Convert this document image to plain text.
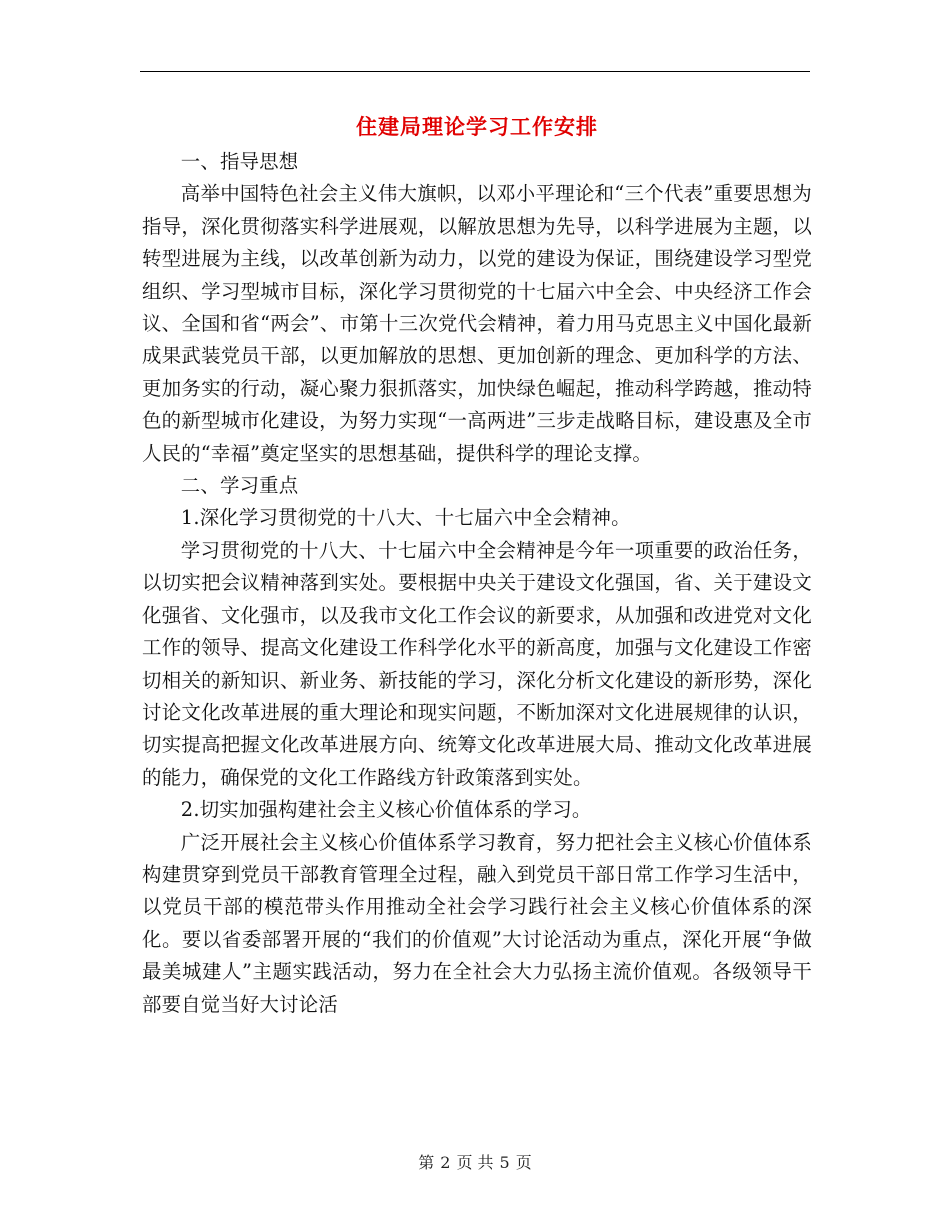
住建局理论学习工作安排

一、指导思想

高举中国特色社会主义伟大旗帜，以邓小平理论和“三个代表”重要思想为指导，深化贯彻落实科学进展观，以解放思想为先导，以科学进展为主题，以转型进展为主线，以改革创新为动力，以党的建设为保证，围绕建设学习型党组织、学习型城市目标，深化学习贯彻党的十七届六中全会、中央经济工作会议、全国和省“两会”、市第十三次党代会精神，着力用马克思主义中国化最新成果武装党员干部，以更加解放的思想、更加创新的理念、更加科学的方法、更加务实的行动，凝心聚力狠抓落实，加快绿色崛起，推动科学跨越，推动特色的新型城市化建设，为努力实现“一高两进”三步走战略目标，建设惠及全市人民的“幸福”奠定坚实的思想基础，提供科学的理论支撑。

二、学习重点

1.深化学习贯彻党的十八大、十七届六中全会精神。

学习贯彻党的十八大、十七届六中全会精神是今年一项重要的政治任务，以切实把会议精神落到实处。要根据中央关于建设文化强国，省、关于建设文化强省、文化强市，以及我市文化工作会议的新要求，从加强和改进党对文化工作的领导、提高文化建设工作科学化水平的新高度，加强与文化建设工作密切相关的新知识、新业务、新技能的学习，深化分析文化建设的新形势，深化讨论文化改革进展的重大理论和现实问题，不断加深对文化进展规律的认识，切实提高把握文化改革进展方向、统筹文化改革进展大局、推动文化改革进展的能力，确保党的文化工作路线方针政策落到实处。

2.切实加强构建社会主义核心价值体系的学习。

广泛开展社会主义核心价值体系学习教育，努力把社会主义核心价值体系构建贯穿到党员干部教育管理全过程，融入到党员干部日常工作学习生活中，以党员干部的模范带头作用推动全社会学习践行社会主义核心价值体系的深化。要以省委部署开展的“我们的价值观”大讨论活动为重点，深化开展“争做最美城建人”主题实践活动，努力在全社会大力弘扬主流价值观。各级领导干部要自觉当好大讨论活

第 2 页 共 5 页
